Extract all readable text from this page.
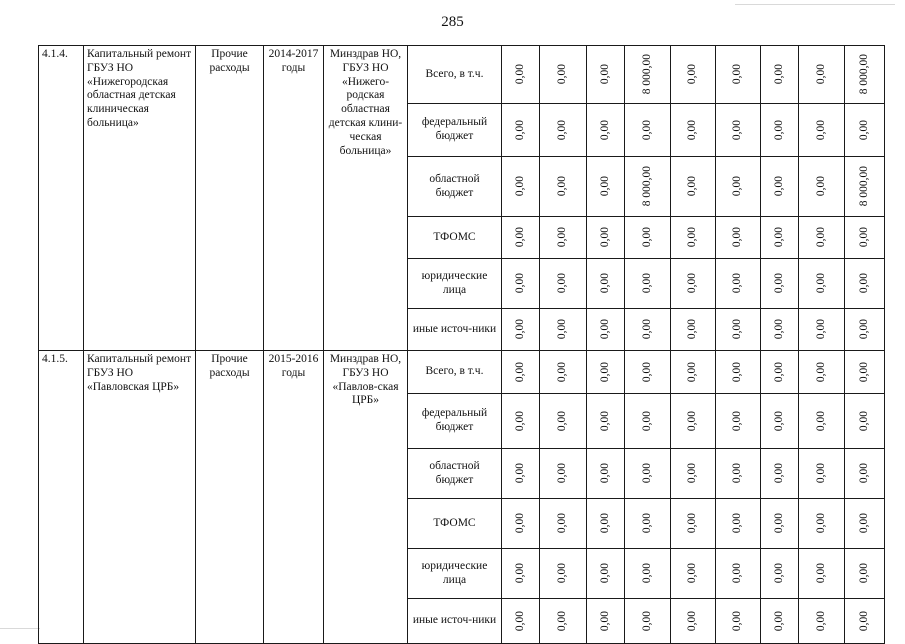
285
4.1.4.	Капитальный ремонт ГБУЗ НО «Нижегородская областная детская клиническая больница»	Прочие расходы	2014-2017 годы	Минздрав НО, ГБУЗ НО «Нижего-родская областная детская клини-ческая больница»	Всего, в т.ч.	0,00	0,00	0,00	8 000,00	0,00	0,00	0,00	0,00	8 000,00

					федеральный бюджет	0,00	0,00	0,00	0,00	0,00	0,00	0,00	0,00	0,00

					областной бюджет	0,00	0,00	0,00	8 000,00	0,00	0,00	0,00	0,00	8 000,00

					ТФОМС	0,00	0,00	0,00	0,00	0,00	0,00	0,00	0,00	0,00

					юридические лица	0,00	0,00	0,00	0,00	0,00	0,00	0,00	0,00	0,00

					иные источ-ники	0,00	0,00	0,00	0,00	0,00	0,00	0,00	0,00	0,00

4.1.5.	Капитальный ремонт ГБУЗ НО «Павловская ЦРБ»	Прочие расходы	2015-2016 годы	Минздрав НО, ГБУЗ НО «Павлов-ская ЦРБ»	Всего, в т.ч.	0,00	0,00	0,00	0,00	0,00	0,00	0,00	0,00	0,00

					федеральный бюджет	0,00	0,00	0,00	0,00	0,00	0,00	0,00	0,00	0,00

					областной бюджет	0,00	0,00	0,00	0,00	0,00	0,00	0,00	0,00	0,00

					ТФОМС	0,00	0,00	0,00	0,00	0,00	0,00	0,00	0,00	0,00

					юридические лица	0,00	0,00	0,00	0,00	0,00	0,00	0,00	0,00	0,00

					иные источ-ники	0,00	0,00	0,00	0,00	0,00	0,00	0,00	0,00	0,00
